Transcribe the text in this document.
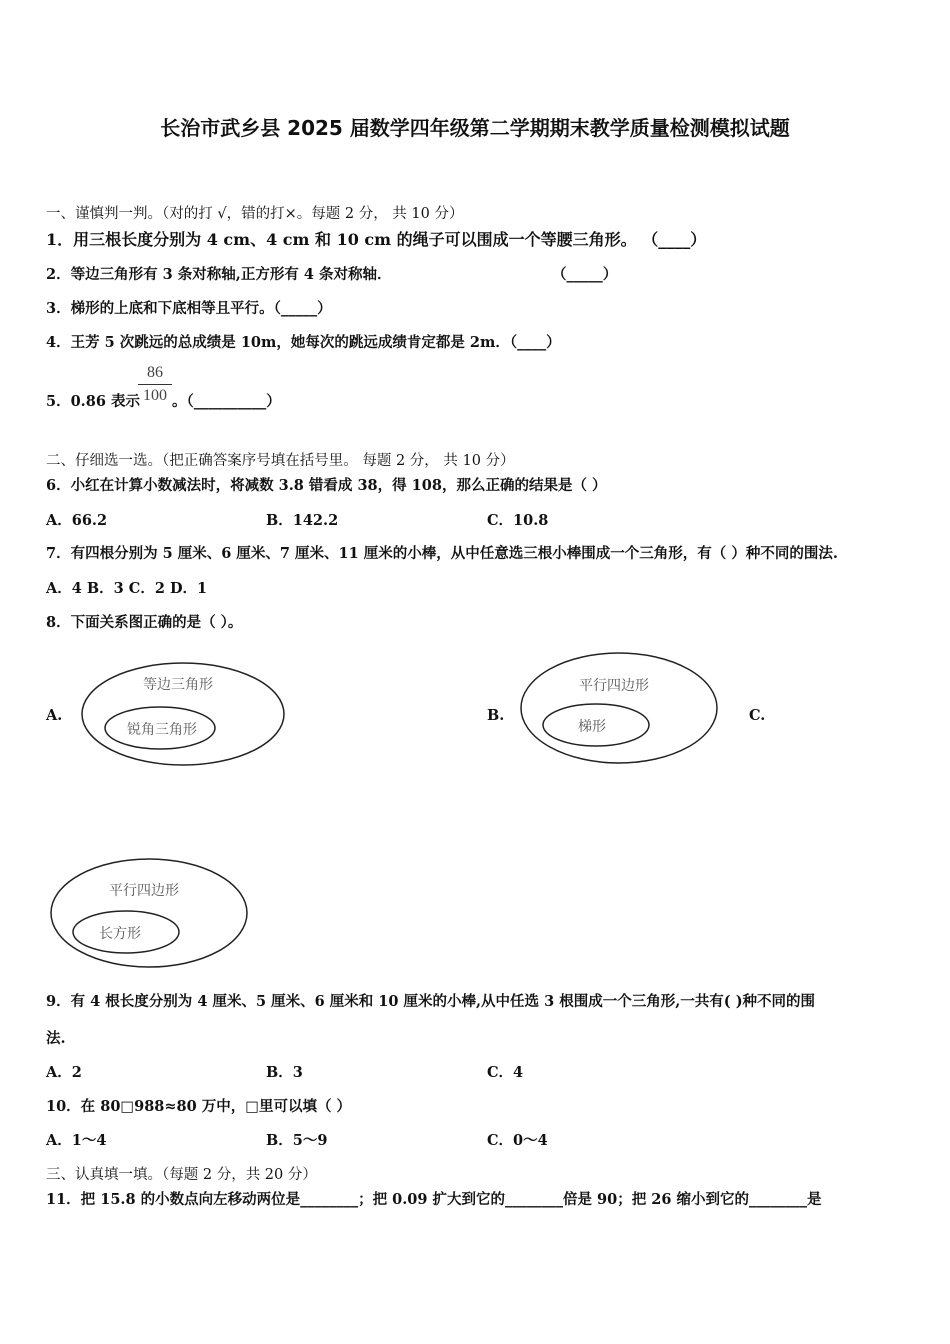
长治市武乡县 2025 届数学四年级第二学期期末教学质量检测模拟试题
一、谨慎判一判。（对的打 √，错的打×。每题 2 分， 共 10 分）
1．用三根长度分别为 4 cm、4 cm 和 10 cm 的绳子可以围成一个等腰三角形。 （____）
2．等边三角形有 3 条对称轴,正方形有 4 条对称轴．	（_____）
3．梯形的上底和下底相等且平行。（_____）
4．王芳 5 次跳远的总成绩是 10m，她每次的跳远成绩肯定都是 2m．（____）
5．0.86 表示
86
100 。（__________）
二、仔细选一选。（把正确答案序号填在括号里。 每题 2 分， 共 10 分）
6．小红在计算小数减法时，将减数 3.8 错看成 38，得 108，那么正确的结果是（ ）
A．66.2	B．142.2	C．10.8
7．有四根分别为 5 厘米、6 厘米、7 厘米、11 厘米的小棒，从中任意选三根小棒围成一个三角形，有（ ）种不同的围法.
A．4 B．3 C．2 D．1
8．下面关系图正确的是（ ）。
A.
等边三角形
锐角三角形
B.
平行四边形
梯形
C.
平行四边形
长方形
9．有 4 根长度分别为 4 厘米、5 厘米、6 厘米和 10 厘米的小棒,从中任选 3 根围成一个三角形,一共有( )种不同的围
法.
A．2	B．3	C．4
10．在 80□988≈80 万中，□里可以填（ ）
A．1～4	B．5～9	C．0～4
三、认真填一填。（每题 2 分，共 20 分）
11．把 15.8 的小数点向左移动两位是________；把 0.09 扩大到它的________倍是 90；把 26 缩小到它的________是
